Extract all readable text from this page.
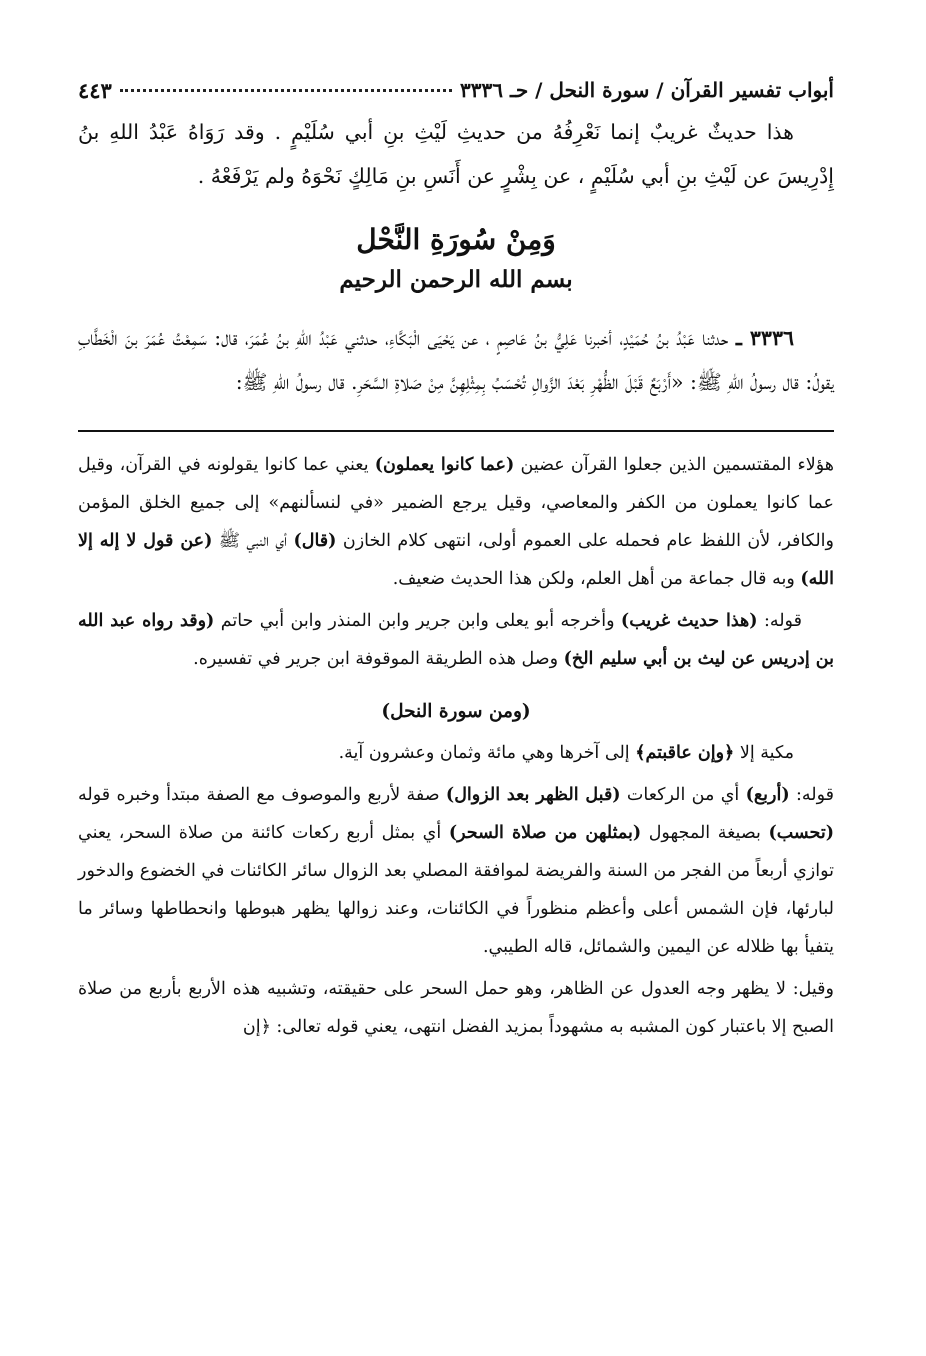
أبواب تفسير القرآن / سورة النحل / حـ ٣٣٣٦
٤٤٣

هذا حديثٌ غريبٌ إنما نَعْرِفُهُ من حديثِ لَيْثِ بنِ أبي سُلَيْمٍ . وقد رَوَاهُ عَبْدُ اللهِ بنُ إِدْرِيسَ عن لَيْثِ بنِ أبي سُلَيْمٍ ، عن بِشْرٍ عن أَنَسِ بنِ مَالِكٍ نَحْوَهُ ولم يَرْفَعْهُ .

وَمِنْ سُورَةِ النَّحْل
بسم الله الرحمن الرحيم

٣٣٣٦ ـ حدثنا عَبْدُ بنُ حُمَيْدٍ، أخبرنا عَلِيُّ بنُ عَاصِمٍ ، عن يَحْيَى الْبَكَّاءِ، حدثني عَبْدُ اللهِ بنُ عُمَرَ، قال: سَمِعْتُ عُمَرَ بنَ الْخَطَّابِ يقولُ: قال رسولُ اللهِ ﷺ: «أَرْبَعٌ قَبْلَ الظُّهْرِ بَعْدَ الزَّوالِ تُحْسَبُ بِمِثْلِهِنَّ مِنْ صَلاةِ السَّحَرِ. قال رسولُ اللهِ ﷺ:

هؤلاء المقتسمين الذين جعلوا القرآن عضين (عما كانوا يعملون) يعني عما كانوا يقولونه في القرآن، وقيل عما كانوا يعملون من الكفر والمعاصي، وقيل يرجع الضمير «في لنسألنهم» إلى جميع الخلق المؤمن والكافر، لأن اللفظ عام فحمله على العموم أولى، انتهى كلام الخازن (قال) أي النبي ﷺ (عن قول لا إله إلا الله) وبه قال جماعة من أهل العلم، ولكن هذا الحديث ضعيف.

قوله: (هذا حديث غريب) وأخرجه أبو يعلى وابن جرير وابن المنذر وابن أبي حاتم (وقد رواه عبد الله بن إدريس عن ليث بن أبي سليم الخ) وصل هذه الطريقة الموقوفة ابن جرير في تفسيره.

(ومن سورة النحل)

مكية إلا ﴿وإن عاقبتم﴾ إلى آخرها وهي مائة وثمان وعشرون آية.

قوله: (أربع) أي من الركعات (قبل الظهر بعد الزوال) صفة لأربع والموصوف مع الصفة مبتدأ وخبره قوله (تحسب) بصيغة المجهول (بمثلهن من صلاة السحر) أي بمثل أربع ركعات كائنة من صلاة السحر، يعني توازي أربعاً من الفجر من السنة والفريضة لموافقة المصلي بعد الزوال سائر الكائنات في الخضوع والدخور لبارئها، فإن الشمس أعلى وأعظم منظوراً في الكائنات، وعند زوالها يظهر هبوطها وانحطاطها وسائر ما يتفيأ بها ظلاله عن اليمين والشمائل، قاله الطيبي.

وقيل: لا يظهر وجه العدول عن الظاهر، وهو حمل السحر على حقيقته، وتشبيه هذه الأربع بأربع من صلاة الصبح إلا باعتبار كون المشبه به مشهوداً بمزيد الفضل انتهى، يعني قوله تعالى: ﴿إن
